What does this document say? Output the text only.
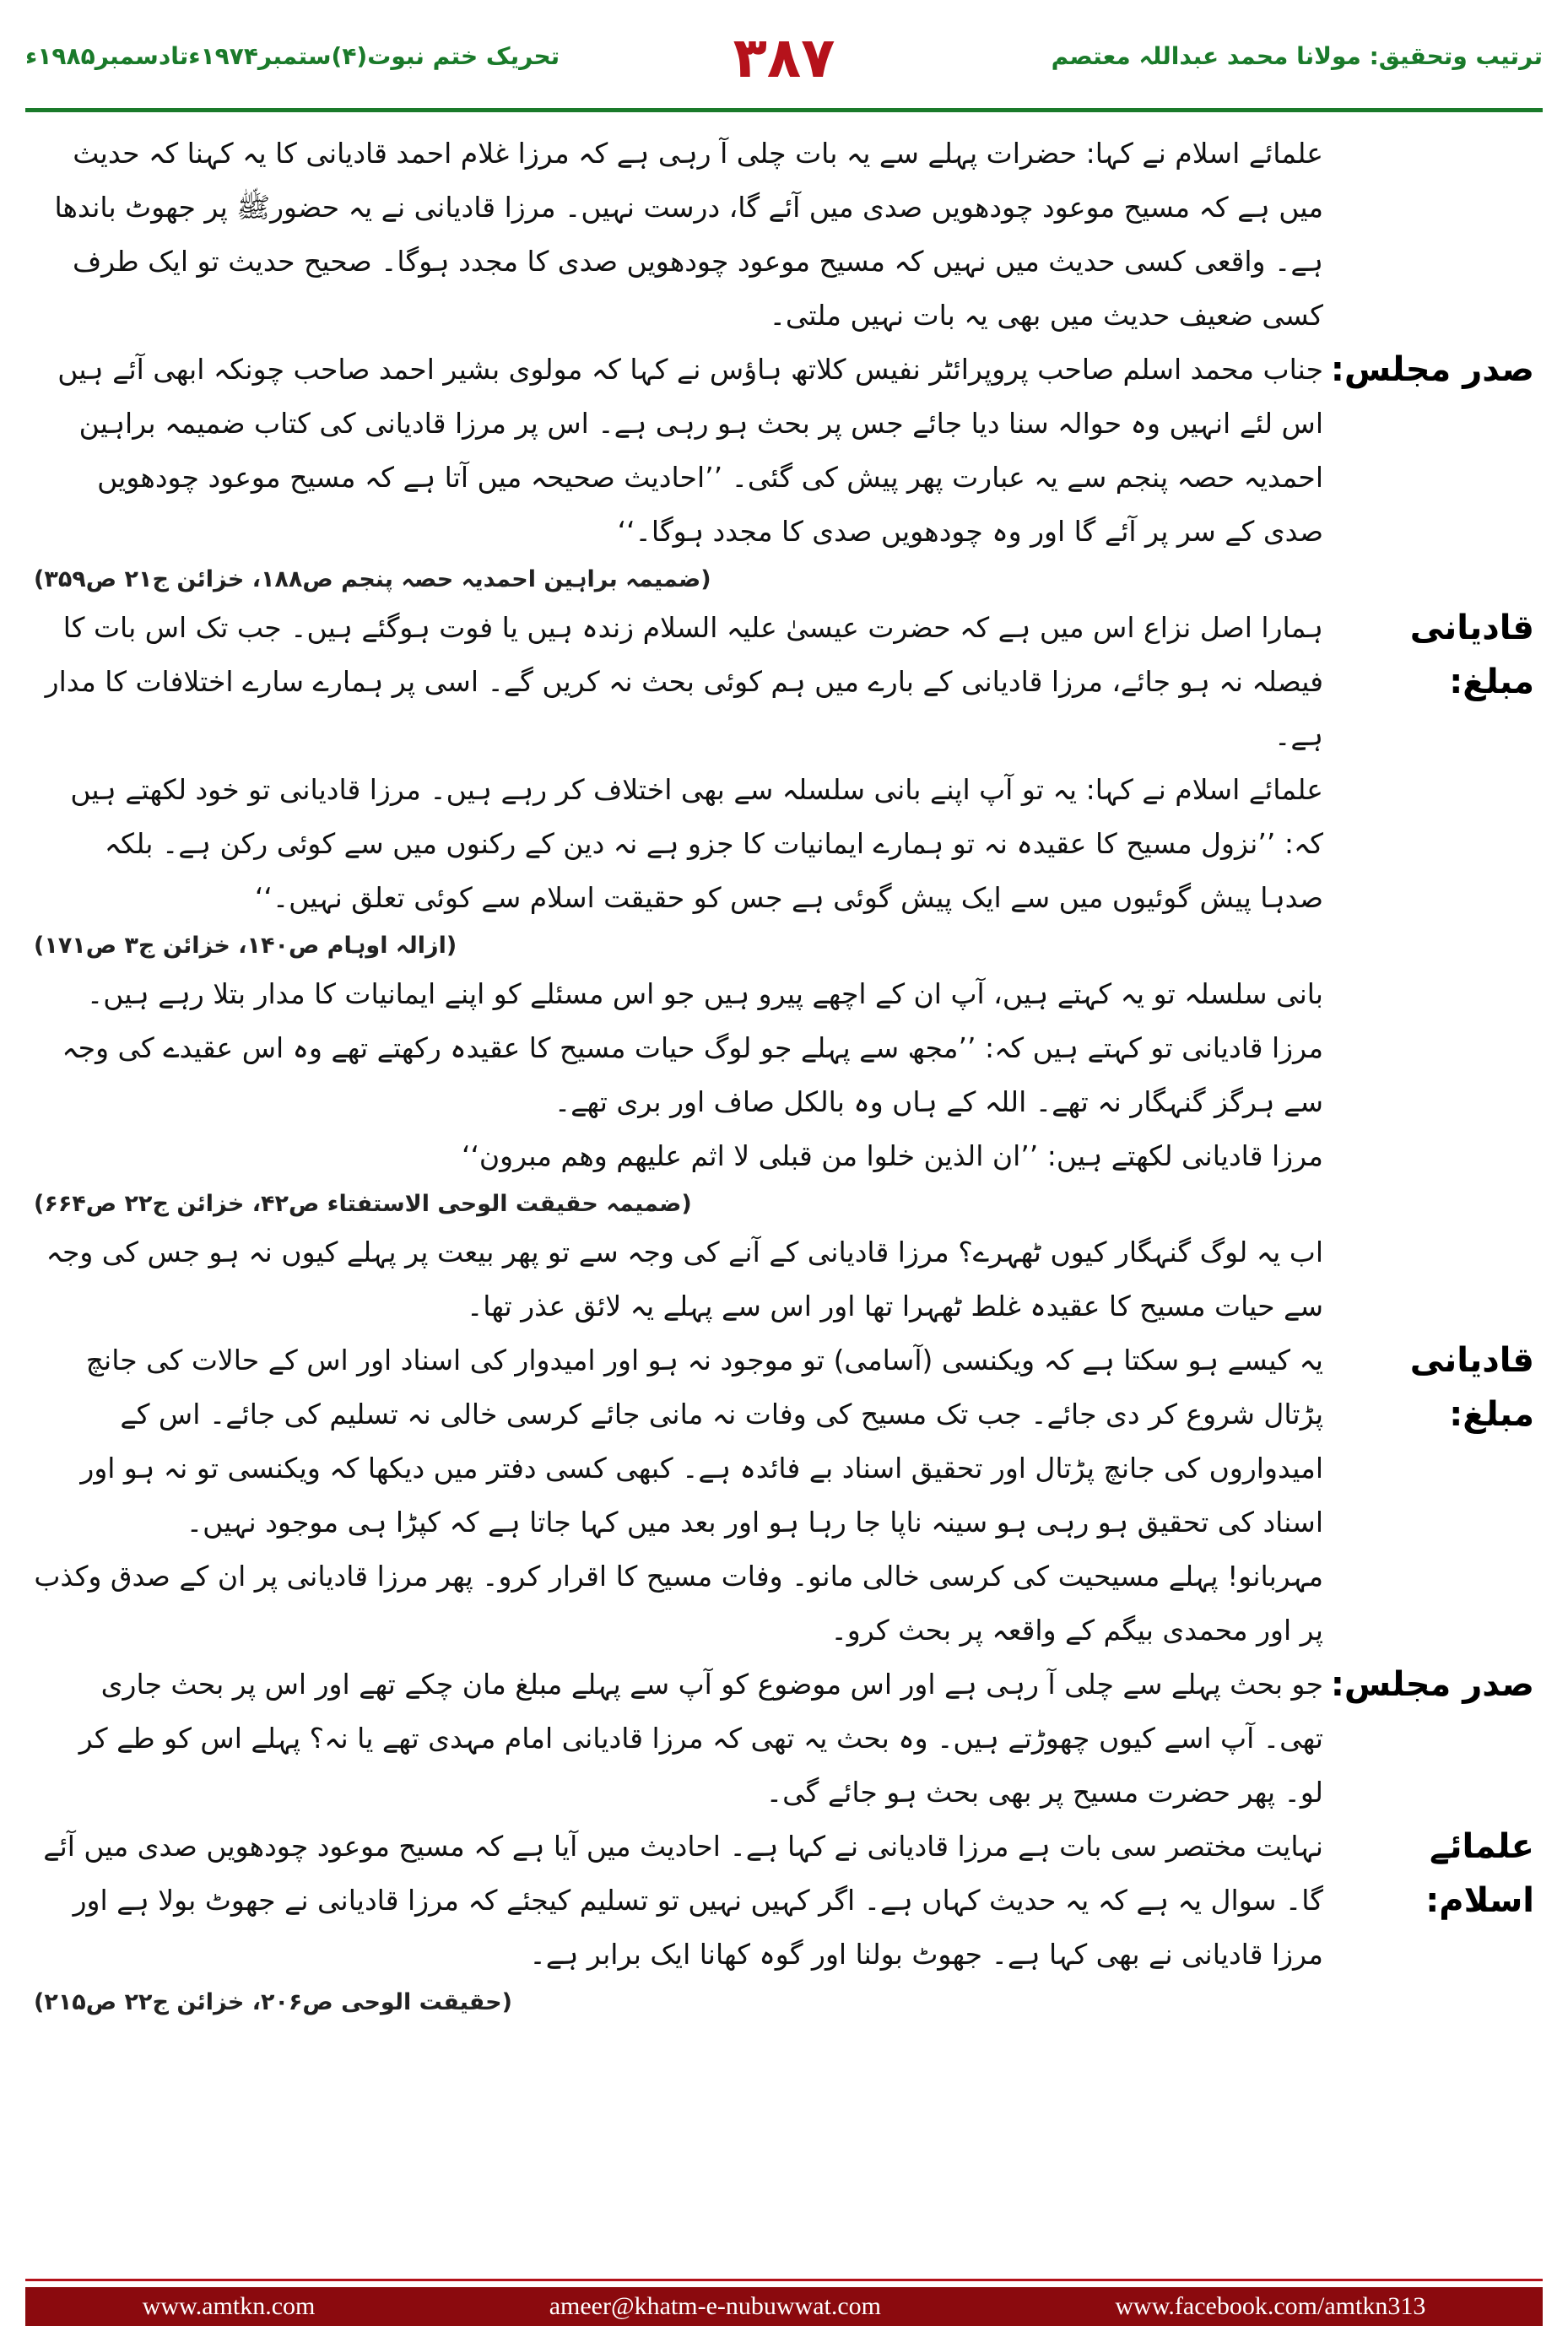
تحریک ختم نبوت(۴)ستمبر۱۹۷۴ءتادسمبر۱۹۸۵ء	۳۸۷	ترتیب وتحقیق: مولانا محمد عبداللہ معتصم
علمائے اسلام نے کہا: حضرات پہلے سے یہ بات چلی آ رہی ہے کہ مرزا غلام احمد قادیانی کا یہ کہنا کہ حدیث میں ہے کہ مسیح موعود چودھویں صدی میں آئے گا، درست نہیں۔ مرزا قادیانی نے یہ حضورﷺ پر جھوٹ باندھا ہے۔ واقعی کسی حدیث میں نہیں کہ مسیح موعود چودھویں صدی کا مجدد ہوگا۔ صحیح حدیث تو ایک طرف کسی ضعیف حدیث میں بھی یہ بات نہیں ملتی۔
صدر مجلس:
جناب محمد اسلم صاحب پروپرائٹر نفیس کلاتھ ہاؤس نے کہا کہ مولوی بشیر احمد صاحب چونکہ ابھی آئے ہیں اس لئے انہیں وہ حوالہ سنا دیا جائے جس پر بحث ہو رہی ہے۔ اس پر مرزا قادیانی کی کتاب ضمیمہ براہین احمدیہ حصہ پنجم سے یہ عبارت پھر پیش کی گئی۔ ’’احادیث صحیحہ میں آتا ہے کہ مسیح موعود چودھویں صدی کے سر پر آئے گا اور وہ چودھویں صدی کا مجدد ہوگا۔‘‘
(ضمیمہ براہین احمدیہ حصہ پنجم ص۱۸۸، خزائن ج۲۱ ص۳۵۹)
قادیانی مبلغ:
ہمارا اصل نزاع اس میں ہے کہ حضرت عیسیٰ علیہ السلام زندہ ہیں یا فوت ہوگئے ہیں۔ جب تک اس بات کا فیصلہ نہ ہو جائے، مرزا قادیانی کے بارے میں ہم کوئی بحث نہ کریں گے۔ اسی پر ہمارے سارے اختلافات کا مدار ہے۔
علمائے اسلام نے کہا: یہ تو آپ اپنے بانی سلسلہ سے بھی اختلاف کر رہے ہیں۔ مرزا قادیانی تو خود لکھتے ہیں کہ: ’’نزول مسیح کا عقیدہ نہ تو ہمارے ایمانیات کا جزو ہے نہ دین کے رکنوں میں سے کوئی رکن ہے۔ بلکہ صدہا پیش گوئیوں میں سے ایک پیش گوئی ہے جس کو حقیقت اسلام سے کوئی تعلق نہیں۔‘‘
(ازالہ اوہام ص۱۴۰، خزائن ج۳ ص۱۷۱)
بانی سلسلہ تو یہ کہتے ہیں، آپ ان کے اچھے پیرو ہیں جو اس مسئلے کو اپنے ایمانیات کا مدار بتلا رہے ہیں۔ مرزا قادیانی تو کہتے ہیں کہ: ’’مجھ سے پہلے جو لوگ حیات مسیح کا عقیدہ رکھتے تھے وہ اس عقیدے کی وجہ سے ہرگز گنہگار نہ تھے۔ اللہ کے ہاں وہ بالکل صاف اور بری تھے۔
مرزا قادیانی لکھتے ہیں: ’’ان الذین خلوا من قبلی لا اثم علیھم وھم مبرون‘‘
(ضمیمہ حقیقت الوحی الاستفتاء ص۴۲، خزائن ج۲۲ ص۶۶۴)
اب یہ لوگ گنہگار کیوں ٹھہرے؟ مرزا قادیانی کے آنے کی وجہ سے تو پھر بیعت پر پہلے کیوں نہ ہو جس کی وجہ سے حیات مسیح کا عقیدہ غلط ٹھہرا تھا اور اس سے پہلے یہ لائق عذر تھا۔
قادیانی مبلغ:
یہ کیسے ہو سکتا ہے کہ ویکنسی (آسامی) تو موجود نہ ہو اور امیدوار کی اسناد اور اس کے حالات کی جانچ پڑتال شروع کر دی جائے۔ جب تک مسیح کی وفات نہ مانی جائے کرسی خالی نہ تسلیم کی جائے۔ اس کے امیدواروں کی جانچ پڑتال اور تحقیق اسناد بے فائدہ ہے۔ کبھی کسی دفتر میں دیکھا کہ ویکنسی تو نہ ہو اور اسناد کی تحقیق ہو رہی ہو سینہ ناپا جا رہا ہو اور بعد میں کہا جاتا ہے کہ کپڑا ہی موجود نہیں۔
مہربانو! پہلے مسیحیت کی کرسی خالی مانو۔ وفات مسیح کا اقرار کرو۔ پھر مرزا قادیانی پر ان کے صدق وکذب پر اور محمدی بیگم کے واقعہ پر بحث کرو۔
صدر مجلس:
جو بحث پہلے سے چلی آ رہی ہے اور اس موضوع کو آپ سے پہلے مبلغ مان چکے تھے اور اس پر بحث جاری تھی۔ آپ اسے کیوں چھوڑتے ہیں۔ وہ بحث یہ تھی کہ مرزا قادیانی امام مہدی تھے یا نہ؟ پہلے اس کو طے کر لو۔ پھر حضرت مسیح پر بھی بحث ہو جائے گی۔
علمائے اسلام:
نہایت مختصر سی بات ہے مرزا قادیانی نے کہا ہے۔ احادیث میں آیا ہے کہ مسیح موعود چودھویں صدی میں آئے گا۔ سوال یہ ہے کہ یہ حدیث کہاں ہے۔ اگر کہیں نہیں تو تسلیم کیجئے کہ مرزا قادیانی نے جھوٹ بولا ہے اور مرزا قادیانی نے بھی کہا ہے۔ جھوٹ بولنا اور گوہ کھانا ایک برابر ہے۔
(حقیقت الوحی ص۲۰۶، خزائن ج۲۲ ص۲۱۵)
www.amtkn.com	ameer@khatm-e-nubuwwat.com	www.facebook.com/amtkn313
